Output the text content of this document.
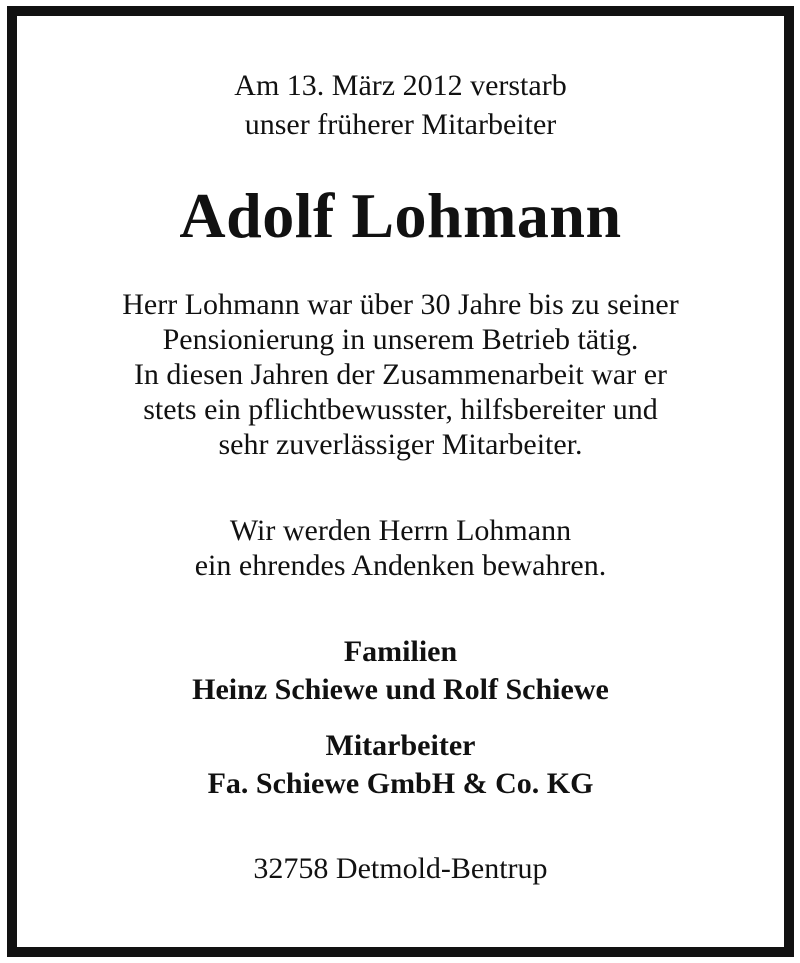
Am 13. März 2012 verstarb
unser früherer Mitarbeiter
Adolf Lohmann
Herr Lohmann war über 30 Jahre bis zu seiner
Pensionierung in unserem Betrieb tätig.
In diesen Jahren der Zusammenarbeit war er
stets ein pflichtbewusster, hilfsbereiter und
sehr zuverlässiger Mitarbeiter.
Wir werden Herrn Lohmann
ein ehrendes Andenken bewahren.
Familien
Heinz Schiewe und Rolf Schiewe
Mitarbeiter
Fa. Schiewe GmbH & Co. KG
32758 Detmold-Bentrup
